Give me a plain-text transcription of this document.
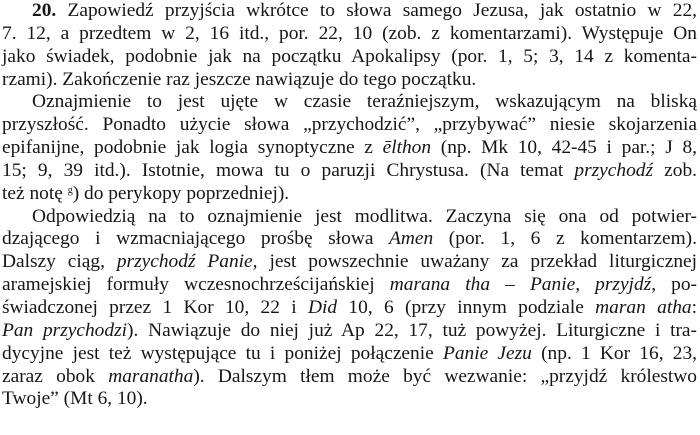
20. Zapowiedź przyjścia wkrótce to słowa samego Jezusa, jak ostatnio w 22,
7. 12, a przedtem w 2, 16 itd., por. 22, 10 (zob. z komentarzami). Występuje On
jako świadek, podobnie jak na początku Apokalipsy (por. 1, 5; 3, 14 z komenta-
rzami). Zakończenie raz jeszcze nawiązuje do tego początku.
Oznajmienie to jest ujęte w czasie teraźniejszym, wskazującym na bliską
przyszłość. Ponadto użycie słowa „przychodzić”, „przybywać” niesie skojarzenia
epifanijne, podobnie jak logia synoptyczne z ēlthon (np. Mk 10, 42-45 i par.; J 8,
15; 9, 39 itd.). Istotnie, mowa tu o paruzji Chrystusa. (Na temat przychodź zob.
też notę $^g$) do perykopy poprzedniej).
Odpowiedzią na to oznajmienie jest modlitwa. Zaczyna się ona od potwier-
dzającego i wzmacniającego prośbę słowa Amen (por. 1, 6 z komentarzem).
Dalszy ciąg, przychodź Panie, jest powszechnie uważany za przekład liturgicznej
aramejskiej formuły wczesnochrześcijańskiej marana tha – Panie, przyjdź, po-
świadczonej przez 1 Kor 10, 22 i Did 10, 6 (przy innym podziale maran atha:
Pan przychodzi). Nawiązuje do niej już Ap 22, 17, tuż powyżej. Liturgiczne i tra-
dycyjne jest też występujące tu i poniżej połączenie Panie Jezu (np. 1 Kor 16, 23,
zaraz obok maranatha). Dalszym tłem może być wezwanie: „przyjdź królestwo
Twoje” (Mt 6, 10).
